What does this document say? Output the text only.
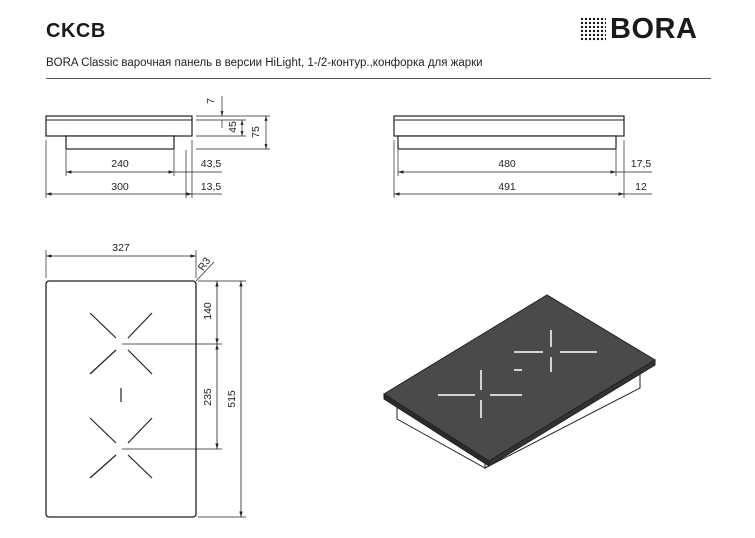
CKCB
BORA Classic варочная панель в версии HiLight, 1-/2-контур.,конфорка для жарки
BORA
240
300
43,5
13,5
7
45 75
480
491
17,5
12
327
R3
140
235 515
